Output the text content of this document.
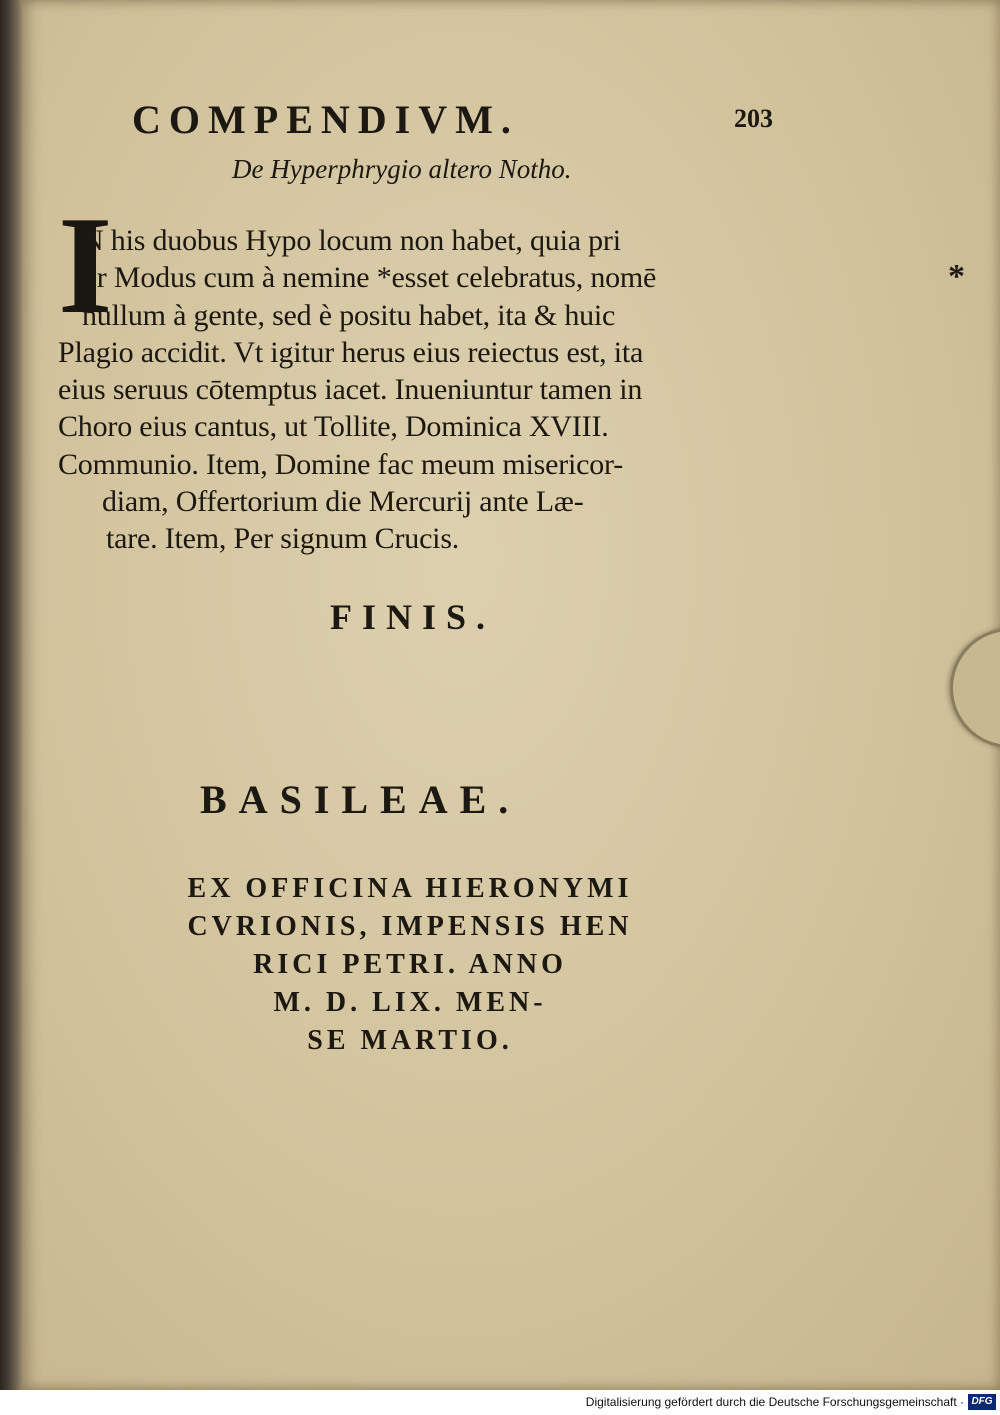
COMPENDIVM.	203
De Hyperphrygio altero Notho.
I	*
N his duobus Hypo locum non habet, quia pri
or Modus cum à nemine *esset celebratus, nomē
nullum à gente, sed è positu habet, ita & huic
Plagio accidit. Vt igitur herus eius reiectus est, ita
eius seruus cōtemptus iacet. Inueniuntur tamen in
Choro eius cantus, ut Tollite, Dominica XVIII.
Communio. Item, Domine fac meum misericor-
diam, Offertorium die Mercurij ante Læ-
tare. Item, Per signum Crucis.
FINIS.
BASILEAE.
EX OFFICINA HIERONYMI
CVRIONIS, IMPENSIS HEN
RICI PETRI. ANNO
M. D. LIX. MEN-
SE MARTIO.
Digitalisierung gefördert durch die Deutsche Forschungsgemeinschaft · DFG
